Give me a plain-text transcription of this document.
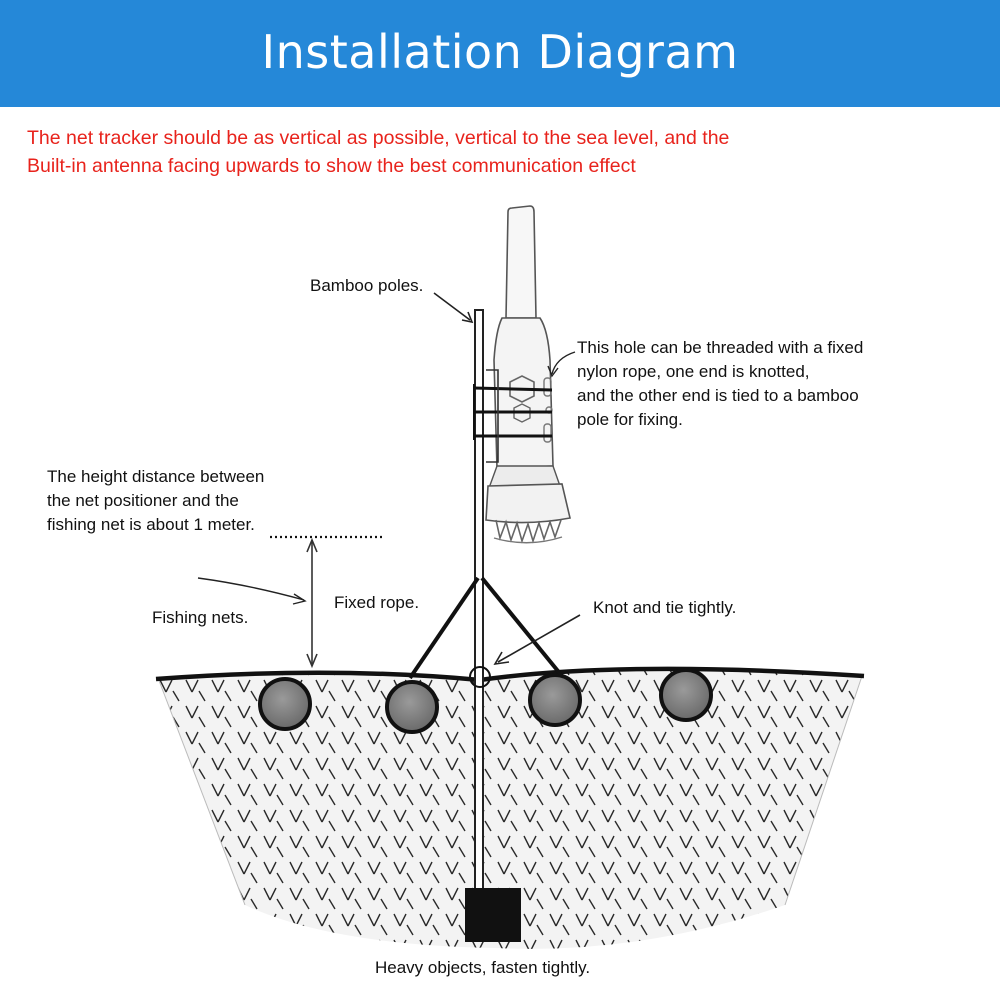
Installation Diagram
The net tracker should be as vertical as possible, vertical to the sea level, and the
Built-in antenna facing upwards to show the best communication effect
Bamboo poles.
This hole can be threaded with a fixed
nylon rope, one end is knotted,
and the other end is tied to a bamboo
pole for fixing.
The height distance between
the net positioner and the
fishing net is about 1 meter.
Fixed rope.
Fishing nets.
Knot and tie tightly.
Heavy objects, fasten tightly.
